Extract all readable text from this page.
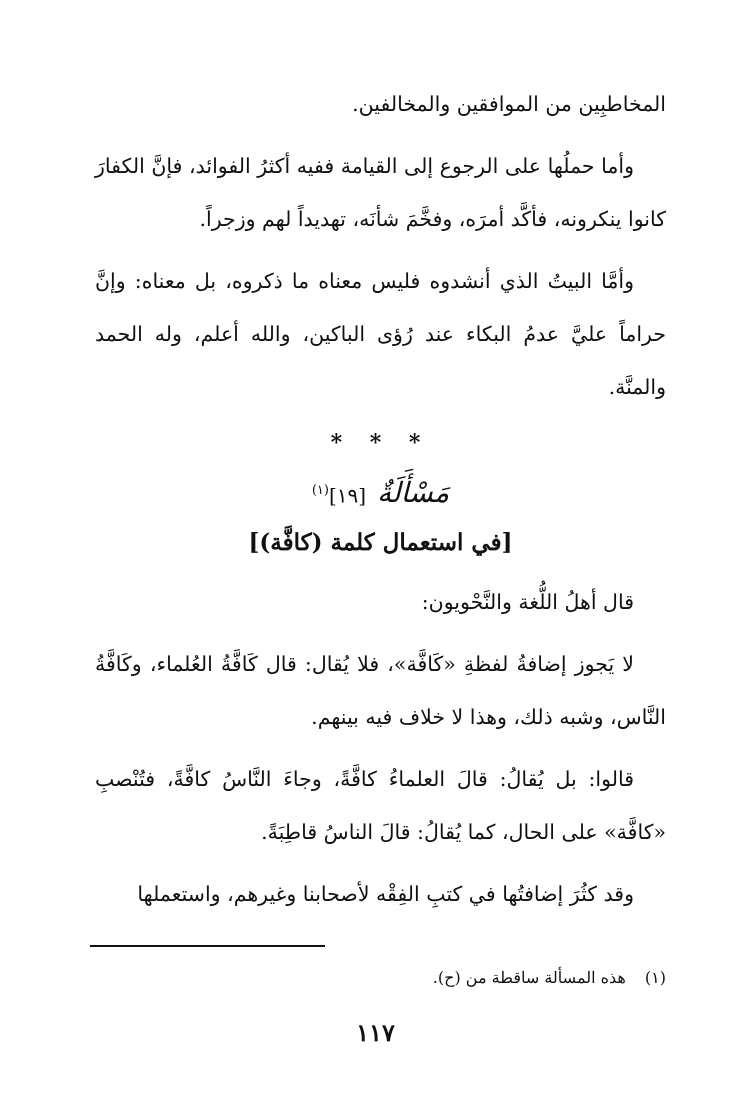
المخاطبِين من الموافقين والمخالفين.

وأما حملُها على الرجوع إلى القيامة ففيه أكثرُ الفوائد، فإنَّ الكفارَ كانوا ينكرونه، فأكَّد أمرَه، وفخَّمَ شأنَه، تهديداً لهم وزجراً.

وأمَّا البيتُ الذي أنشدوه فليس معناه ما ذكروه، بل معناه: وإنَّ حراماً عليَّ عدمُ البكاء عند رُؤى الباكين، والله أعلم، وله الحمد والمنَّة.

* * *
مَسْأَلَةٌ [١٩]$^{(١)}$
[في استعمال كلمة (كافَّة)]

قال أهلُ اللُّغة والنَّحْويون:

لا يَجوز إضافةُ لفظةِ «كَافَّة»، فلا يُقال: قال كَافَّةُ العُلماء، وكَافَّةُ النَّاس، وشبه ذلك، وهذا لا خلاف فيه بينهم.

قالوا: بل يُقالُ: قالَ العلماءُ كافَّةً، وجاءَ النَّاسُ كافَّةً، فتُنْصبِ «كافَّة» على الحال، كما يُقالُ: قالَ الناسُ قاطِبَةً.

وقد كثُرَ إضافتُها في كتبِ الفِقْه لأصحابنا وغيرهم، واستعملها

(١) هذه المسألة ساقطة من (ح).
١١٧
